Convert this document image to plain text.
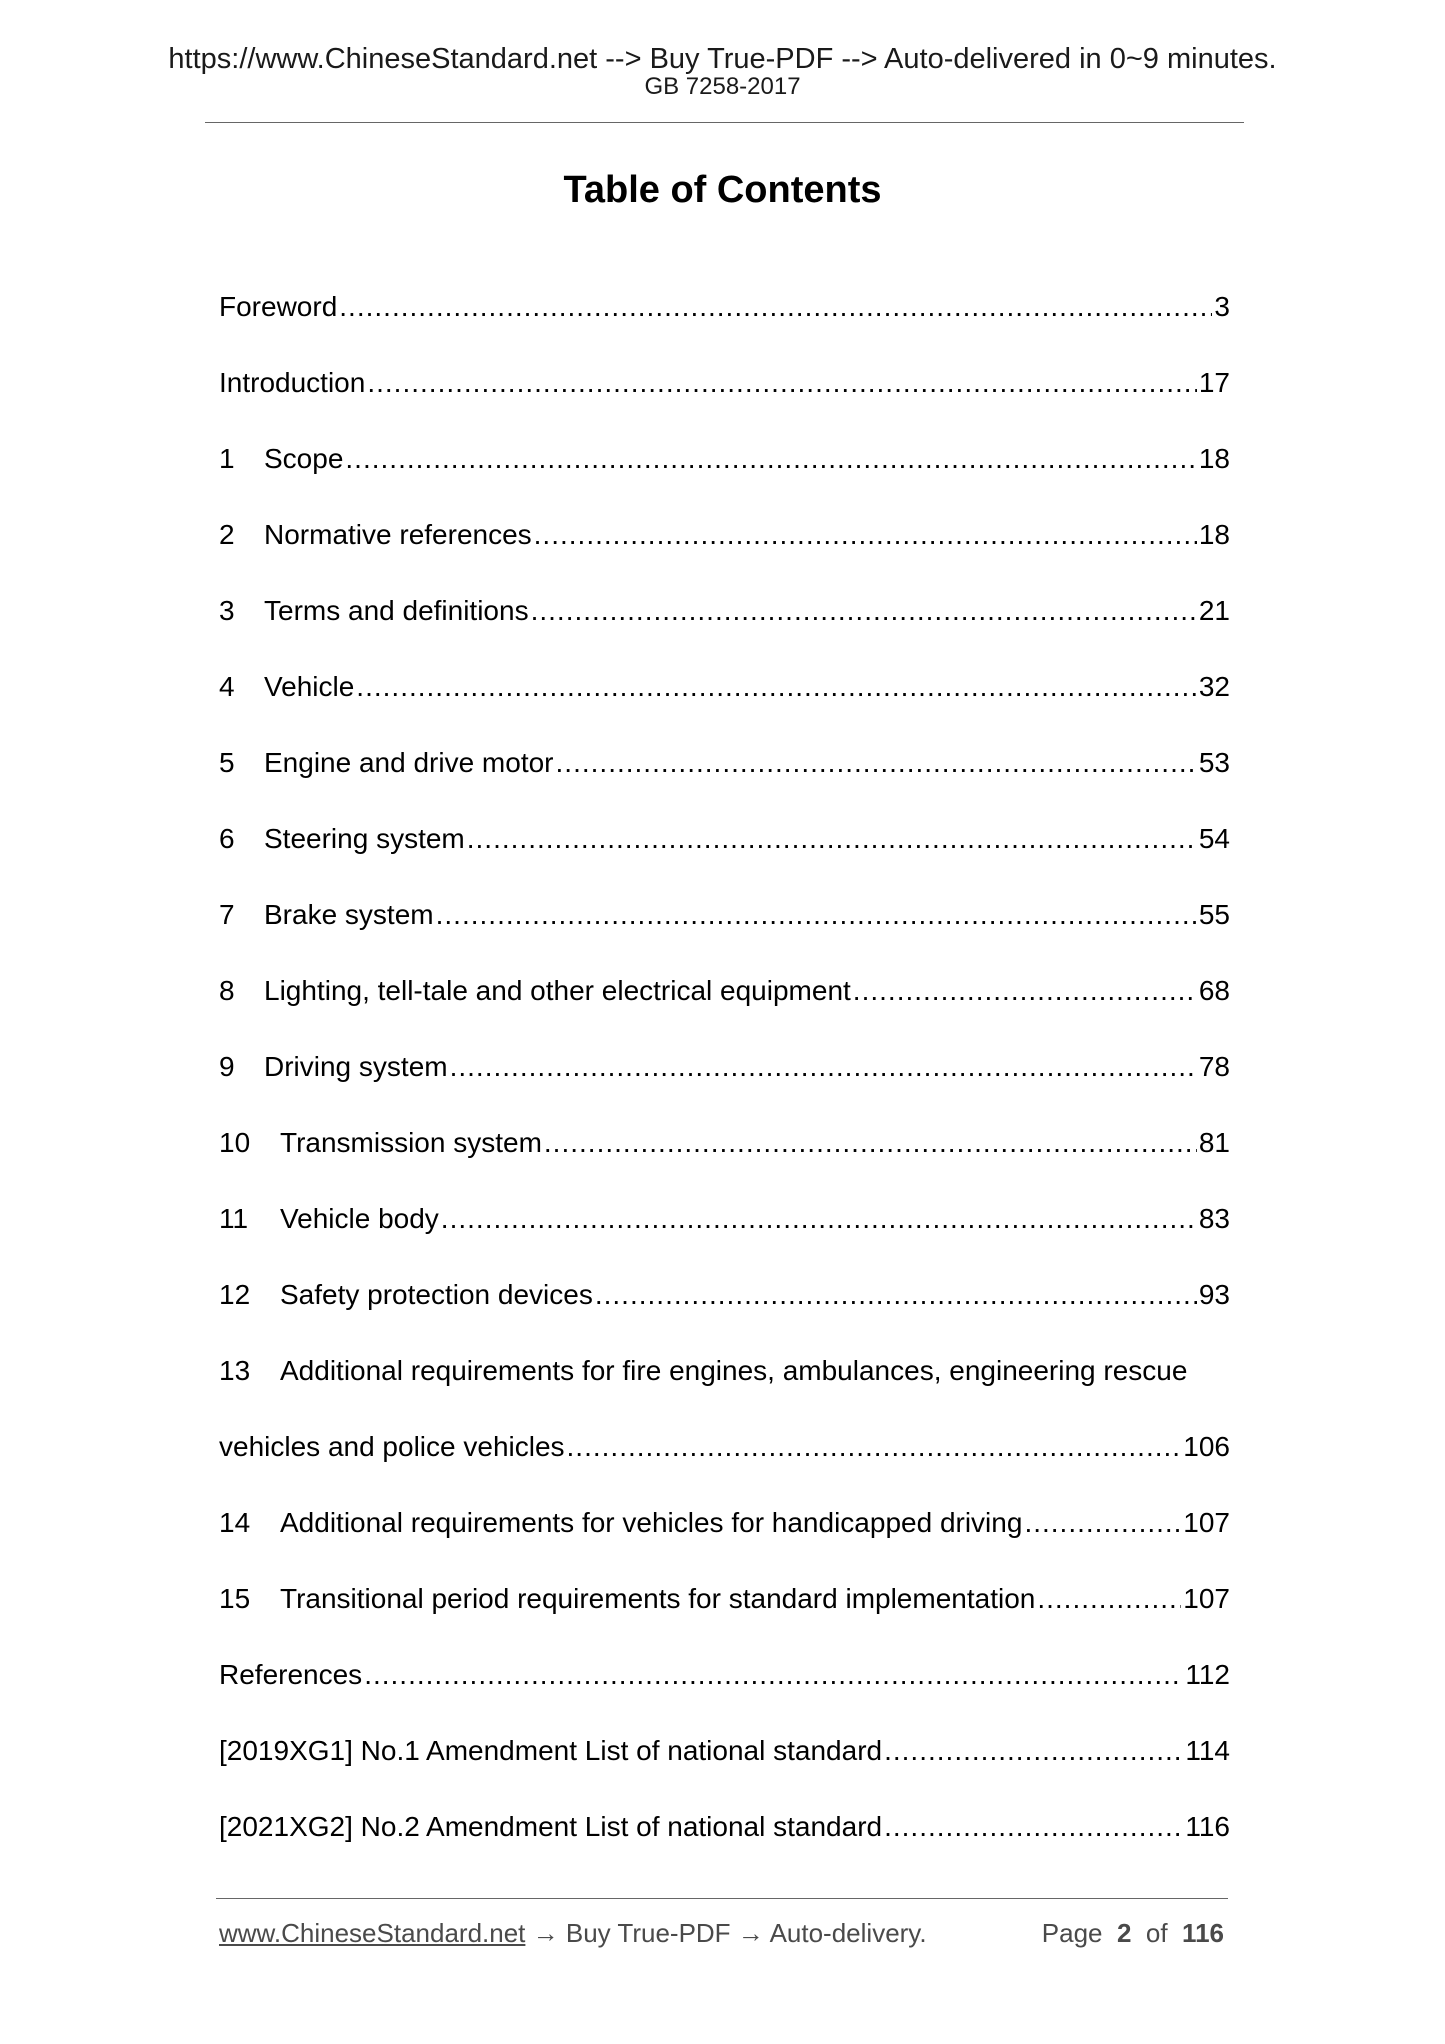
https://www.ChineseStandard.net --> Buy True-PDF --> Auto-delivered in 0~9 minutes.
GB 7258-2017
Table of Contents
Foreword .....	3
Introduction .....	17
1	Scope .....	18
2	Normative references .....	18
3	Terms and definitions .....	21
4	Vehicle .....	32
5	Engine and drive motor .....	53
6	Steering system .....	54
7	Brake system .....	55
8	Lighting, tell-tale and other electrical equipment .....	68
9	Driving system .....	78
10	Transmission system .....	81
11	Vehicle body .....	83
12	Safety protection devices .....	93
13 Additional requirements for fire engines, ambulances, engineering rescue
vehicles and police vehicles .....	106
14	Additional requirements for vehicles for handicapped driving .....	107
15	Transitional period requirements for standard implementation .....	107
References .....	112
[2019XG1] No.1 Amendment List of national standard .....	114
[2021XG2] No.2 Amendment List of national standard .....	116
www.ChineseStandard.net → Buy True-PDF → Auto-delivery.	Page 2 of 116
